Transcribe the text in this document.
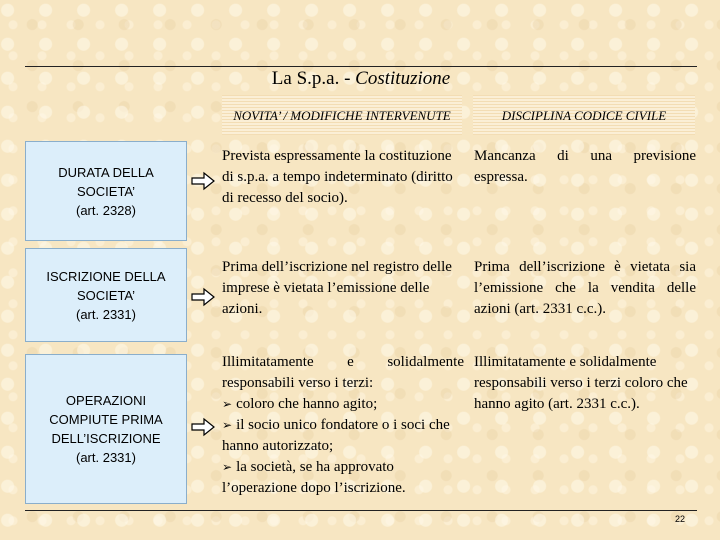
La S.p.a. - Costituzione
NOVITA’ / MODIFICHE INTERVENUTE	DISCIPLINA CODICE CIVILE
DURATA DELLA
SOCIETA’
(art. 2328)
Prevista espressamente la costituzione di s.p.a. a tempo indeterminato (diritto di recesso del socio).
Mancanza di una previsione espressa.
ISCRIZIONE DELLA
SOCIETA’
(art. 2331)
Prima dell’iscrizione nel registro delle imprese è vietata l’emissione delle azioni.
Prima dell’iscrizione è vietata sia l’emissione che la vendita delle azioni (art. 2331 c.c.).
OPERAZIONI
COMPIUTE PRIMA
DELL’ISCRIZIONE
(art. 2331)
Illimitatamente e solidalmente responsabili verso i terzi:
➢ coloro che hanno agito;
➢ il socio unico fondatore o i soci che hanno autorizzato;
➢ la società, se ha approvato l’operazione dopo l’iscrizione.
Illimitatamente e solidalmente responsabili verso i terzi coloro che hanno agito (art. 2331 c.c.).
22
